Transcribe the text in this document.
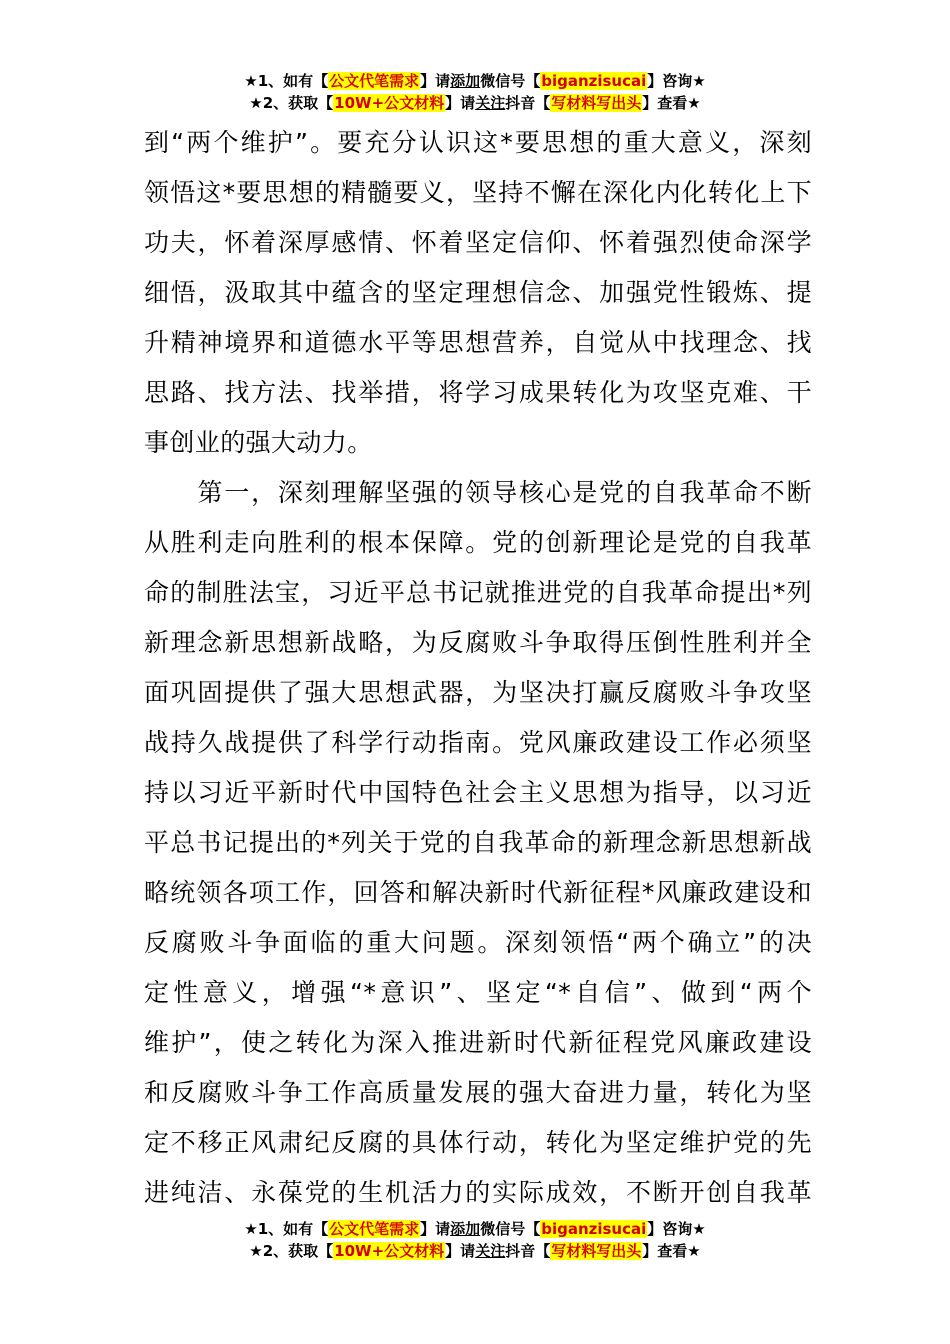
★1、如有【公文代笔需求】请添加微信号【biganzisucai】咨询★
★2、获取【10W+公文材料】请关注抖音【写材料写出头】查看★
到“两个维护”。要充分认识这*要思想的重大意义，深刻
领悟这*要思想的精髓要义，坚持不懈在深化内化转化上下
功夫，怀着深厚感情、怀着坚定信仰、怀着强烈使命深学
细悟，汲取其中蕴含的坚定理想信念、加强党性锻炼、提
升精神境界和道德水平等思想营养，自觉从中找理念、找
思路、找方法、找举措，将学习成果转化为攻坚克难、干
事创业的强大动力。
　　第一，深刻理解坚强的领导核心是党的自我革命不断
从胜利走向胜利的根本保障。党的创新理论是党的自我革
命的制胜法宝，习近平总书记就推进党的自我革命提出*列
新理念新思想新战略，为反腐败斗争取得压倒性胜利并全
面巩固提供了强大思想武器，为坚决打赢反腐败斗争攻坚
战持久战提供了科学行动指南。党风廉政建设工作必须坚
持以习近平新时代中国特色社会主义思想为指导，以习近
平总书记提出的*列关于党的自我革命的新理念新思想新战
略统领各项工作，回答和解决新时代新征程*风廉政建设和
反腐败斗争面临的重大问题。深刻领悟“两个确立”的决
定性意义，增强“*意识”、坚定“*自信”、做到“两个
维护”，使之转化为深入推进新时代新征程党风廉政建设
和反腐败斗争工作高质量发展的强大奋进力量，转化为坚
定不移正风肃纪反腐的具体行动，转化为坚定维护党的先
进纯洁、永葆党的生机活力的实际成效，不断开创自我革
★1、如有【公文代笔需求】请添加微信号【biganzisucai】咨询★
★2、获取【10W+公文材料】请关注抖音【写材料写出头】查看★
